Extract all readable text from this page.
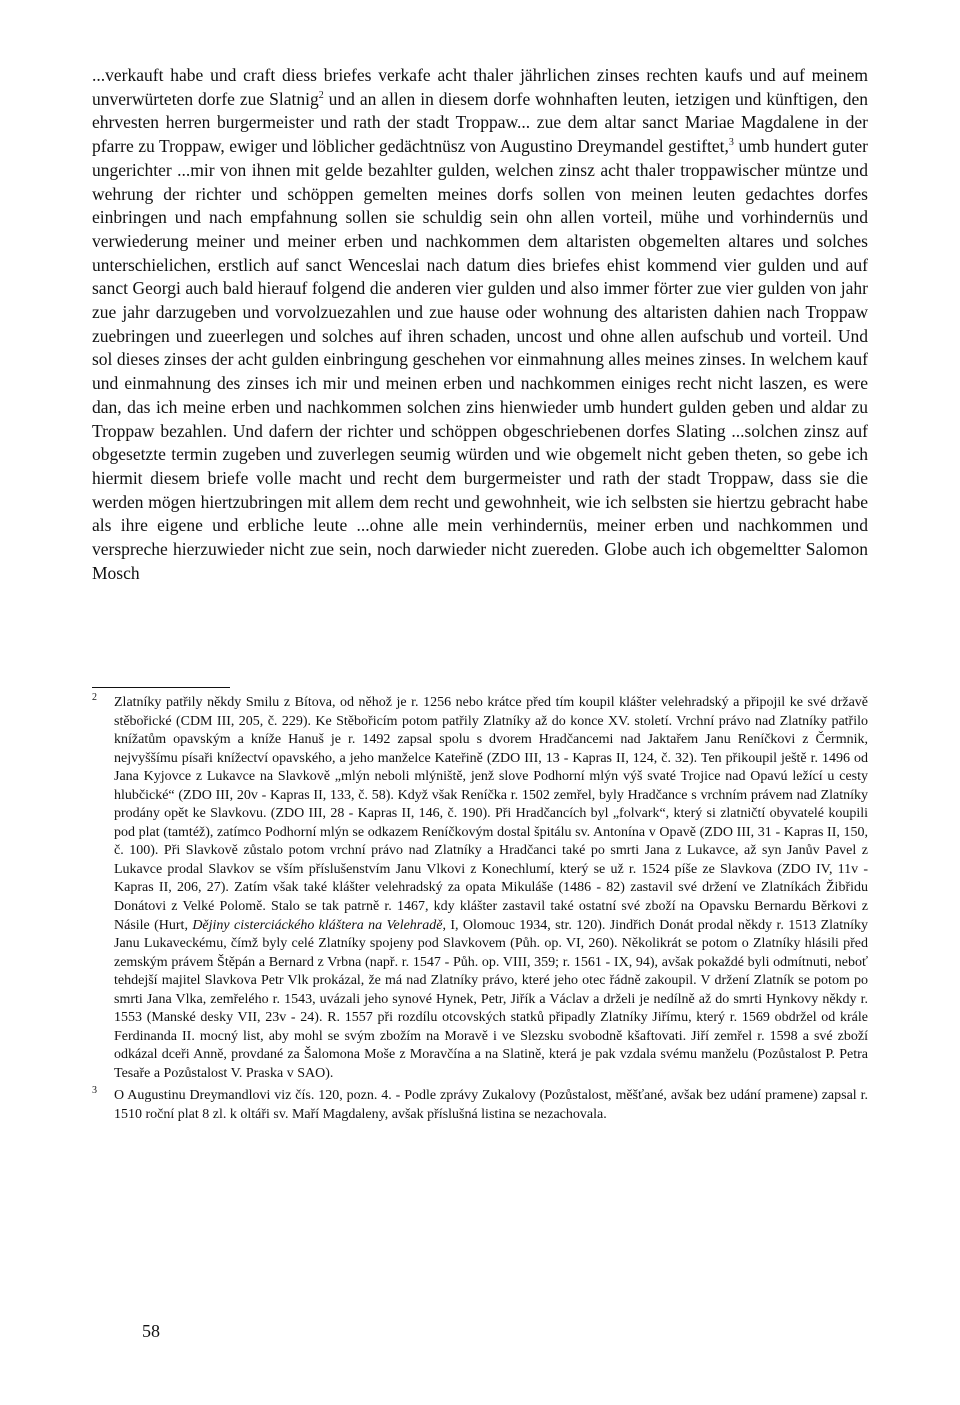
...verkauft habe und craft diess briefes verkafe acht thaler jährlichen zinses rechten kaufs und auf meinem unverwürteten dorfe zue Slatnig$^2$ und an allen in diesem dorfe wohnhaften leuten, ietzigen und künftigen, den ehrvesten herren burgermeister und rath der stadt Troppaw... zue dem altar sanct Mariae Magdalene in der pfarre zu Troppaw, ewiger und löblicher gedächtnüsz von Augustino Dreymandel gestiftet,$^3$ umb hundert guter ungerichter ...mir von ihnen mit gelde bezahlter gulden, welchen zinsz acht thaler troppawischer müntze und wehrung der richter und schöppen gemelten meines dorfs sollen von meinen leuten gedachtes dorfes einbringen und nach empfahnung sollen sie schuldig sein ohn allen vorteil, mühe und vorhindernüs und verwiederung meiner und meiner erben und nachkommen dem altaristen obgemelten altares und solches unterschielichen, erstlich auf sanct Wenceslai nach datum dies briefes ehist kommend vier gulden und auf sanct Georgi auch bald hierauf folgend die anderen vier gulden und also immer förter zue vier gulden von jahr zue jahr darzugeben und vorvolzuezahlen und zue hause oder wohnung des altaristen dahien nach Troppaw zuebringen und zueerlegen und solches auf ihren schaden, uncost und ohne allen aufschub und vorteil. Und sol dieses zinses der acht gulden einbringung geschehen vor einmahnung alles meines zinses. In welchem kauf und einmahnung des zinses ich mir und meinen erben und nachkommen einiges recht nicht laszen, es were dan, das ich meine erben und nachkommen solchen zins hienwieder umb hundert gulden geben und aldar zu Troppaw bezahlen. Und dafern der richter und schöppen obgeschriebenen dorfes Slating ...solchen zinsz auf obgesetzte termin zugeben und zuverlegen seumig würden und wie obgemelt nicht geben theten, so gebe ich hiermit diesem briefe volle macht und recht dem burgermeister und rath der stadt Troppaw, dass sie die werden mögen hiertzubringen mit allem dem recht und gewohnheit, wie ich selbsten sie hiertzu gebracht habe als ihre eigene und erbliche leute ...ohne alle mein verhindernüs, meiner erben und nachkommen und verspreche hierzuwieder nicht zue sein, noch darwieder nicht zuereden. Globe auch ich obgemeltter Salomon Mosch

2 Zlatníky patřily někdy Smilu z Bítova, od něhož je r. 1256 nebo krátce před tím koupil klášter velehradský a připojil ke své državě stěbořické (CDM III, 205, č. 229). Ke Stěbořicím potom patřily Zlatníky až do konce XV. století. Vrchní právo nad Zlatníky patřilo knížatům opavským a kníže Hanuš je r. 1492 zapsal spolu s dvorem Hradčancemi nad Jaktařem Janu Reníčkovi z Čermnik, nejvyššímu písaři knížectví opavského, a jeho manželce Kateřině (ZDO III, 13 - Kapras II, 124, č. 32). Ten přikoupil ještě r. 1496 od Jana Kyjovce z Lukavce na Slavkově „mlýn neboli mlýniště, jenž slove Podhorní mlýn výš svaté Trojice nad Opavú ležící u cesty hlubčické“ (ZDO III, 20v - Kapras II, 133, č. 58). Když však Reníčka r. 1502 zemřel, byly Hradčance s vrchním právem nad Zlatníky prodány opět ke Slavkovu. (ZDO III, 28 - Kapras II, 146, č. 190). Při Hradčancích byl „folvark“, který si zlatničtí obyvatelé koupili pod plat (tamtéž), zatímco Podhorní mlýn se odkazem Reníčkovým dostal špitálu sv. Antonína v Opavě (ZDO III, 31 - Kapras II, 150, č. 100). Při Slavkově zůstalo potom vrchní právo nad Zlatníky a Hradčanci také po smrti Jana z Lukavce, až syn Janův Pavel z Lukavce prodal Slavkov se vším příslušenstvím Janu Vlkovi z Konechlumí, který se už r. 1524 píše ze Slavkova (ZDO IV, 11v - Kapras II, 206, 27). Zatím však také klášter velehradský za opata Mikuláše (1486 - 82) zastavil své držení ve Zlatníkách Žibřidu Donátovi z Velké Polomě. Stalo se tak patrně r. 1467, kdy klášter zastavil také ostatní své zboží na Opavsku Bernardu Běrkovi z Násile (Hurt, Dějiny cisterciáckého kláštera na Velehradě, I, Olomouc 1934, str. 120). Jindřich Donát prodal někdy r. 1513 Zlatníky Janu Lukaveckému, čímž byly celé Zlatníky spojeny pod Slavkovem (Půh. op. VI, 260). Několikrát se potom o Zlatníky hlásili před zemským právem Štěpán a Bernard z Vrbna (např. r. 1547 - Půh. op. VIII, 359; r. 1561 - IX, 94), avšak pokaždé byli odmítnuti, neboť tehdejší majitel Slavkova Petr Vlk prokázal, že má nad Zlatníky právo, které jeho otec řádně zakoupil. V držení Zlatník se potom po smrti Jana Vlka, zemřelého r. 1543, uvázali jeho synové Hynek, Petr, Jiřík a Václav a drželi je nedílně až do smrti Hynkovy někdy r. 1553 (Manské desky VII, 23v - 24). R. 1557 při rozdílu otcovských statků připadly Zlatníky Jiřímu, který r. 1569 obdržel od krále Ferdinanda II. mocný list, aby mohl se svým zbožím na Moravě i ve Slezsku svobodně kšaftovati. Jiří zemřel r. 1598 a své zboží odkázal dceři Anně, provdané za Šalomona Moše z Moravčína a na Slatině, která je pak vzdala svému manželu (Pozůstalost P. Petra Tesaře a Pozůstalost V. Praska v SAO).
3 O Augustinu Dreymandlovi viz čís. 120, pozn. 4. - Podle zprávy Zukalovy (Pozůstalost, měšťané, avšak bez udání pramene) zapsal r. 1510 roční plat 8 zl. k oltáři sv. Maří Magdaleny, avšak příslušná listina se nezachovala.
58
